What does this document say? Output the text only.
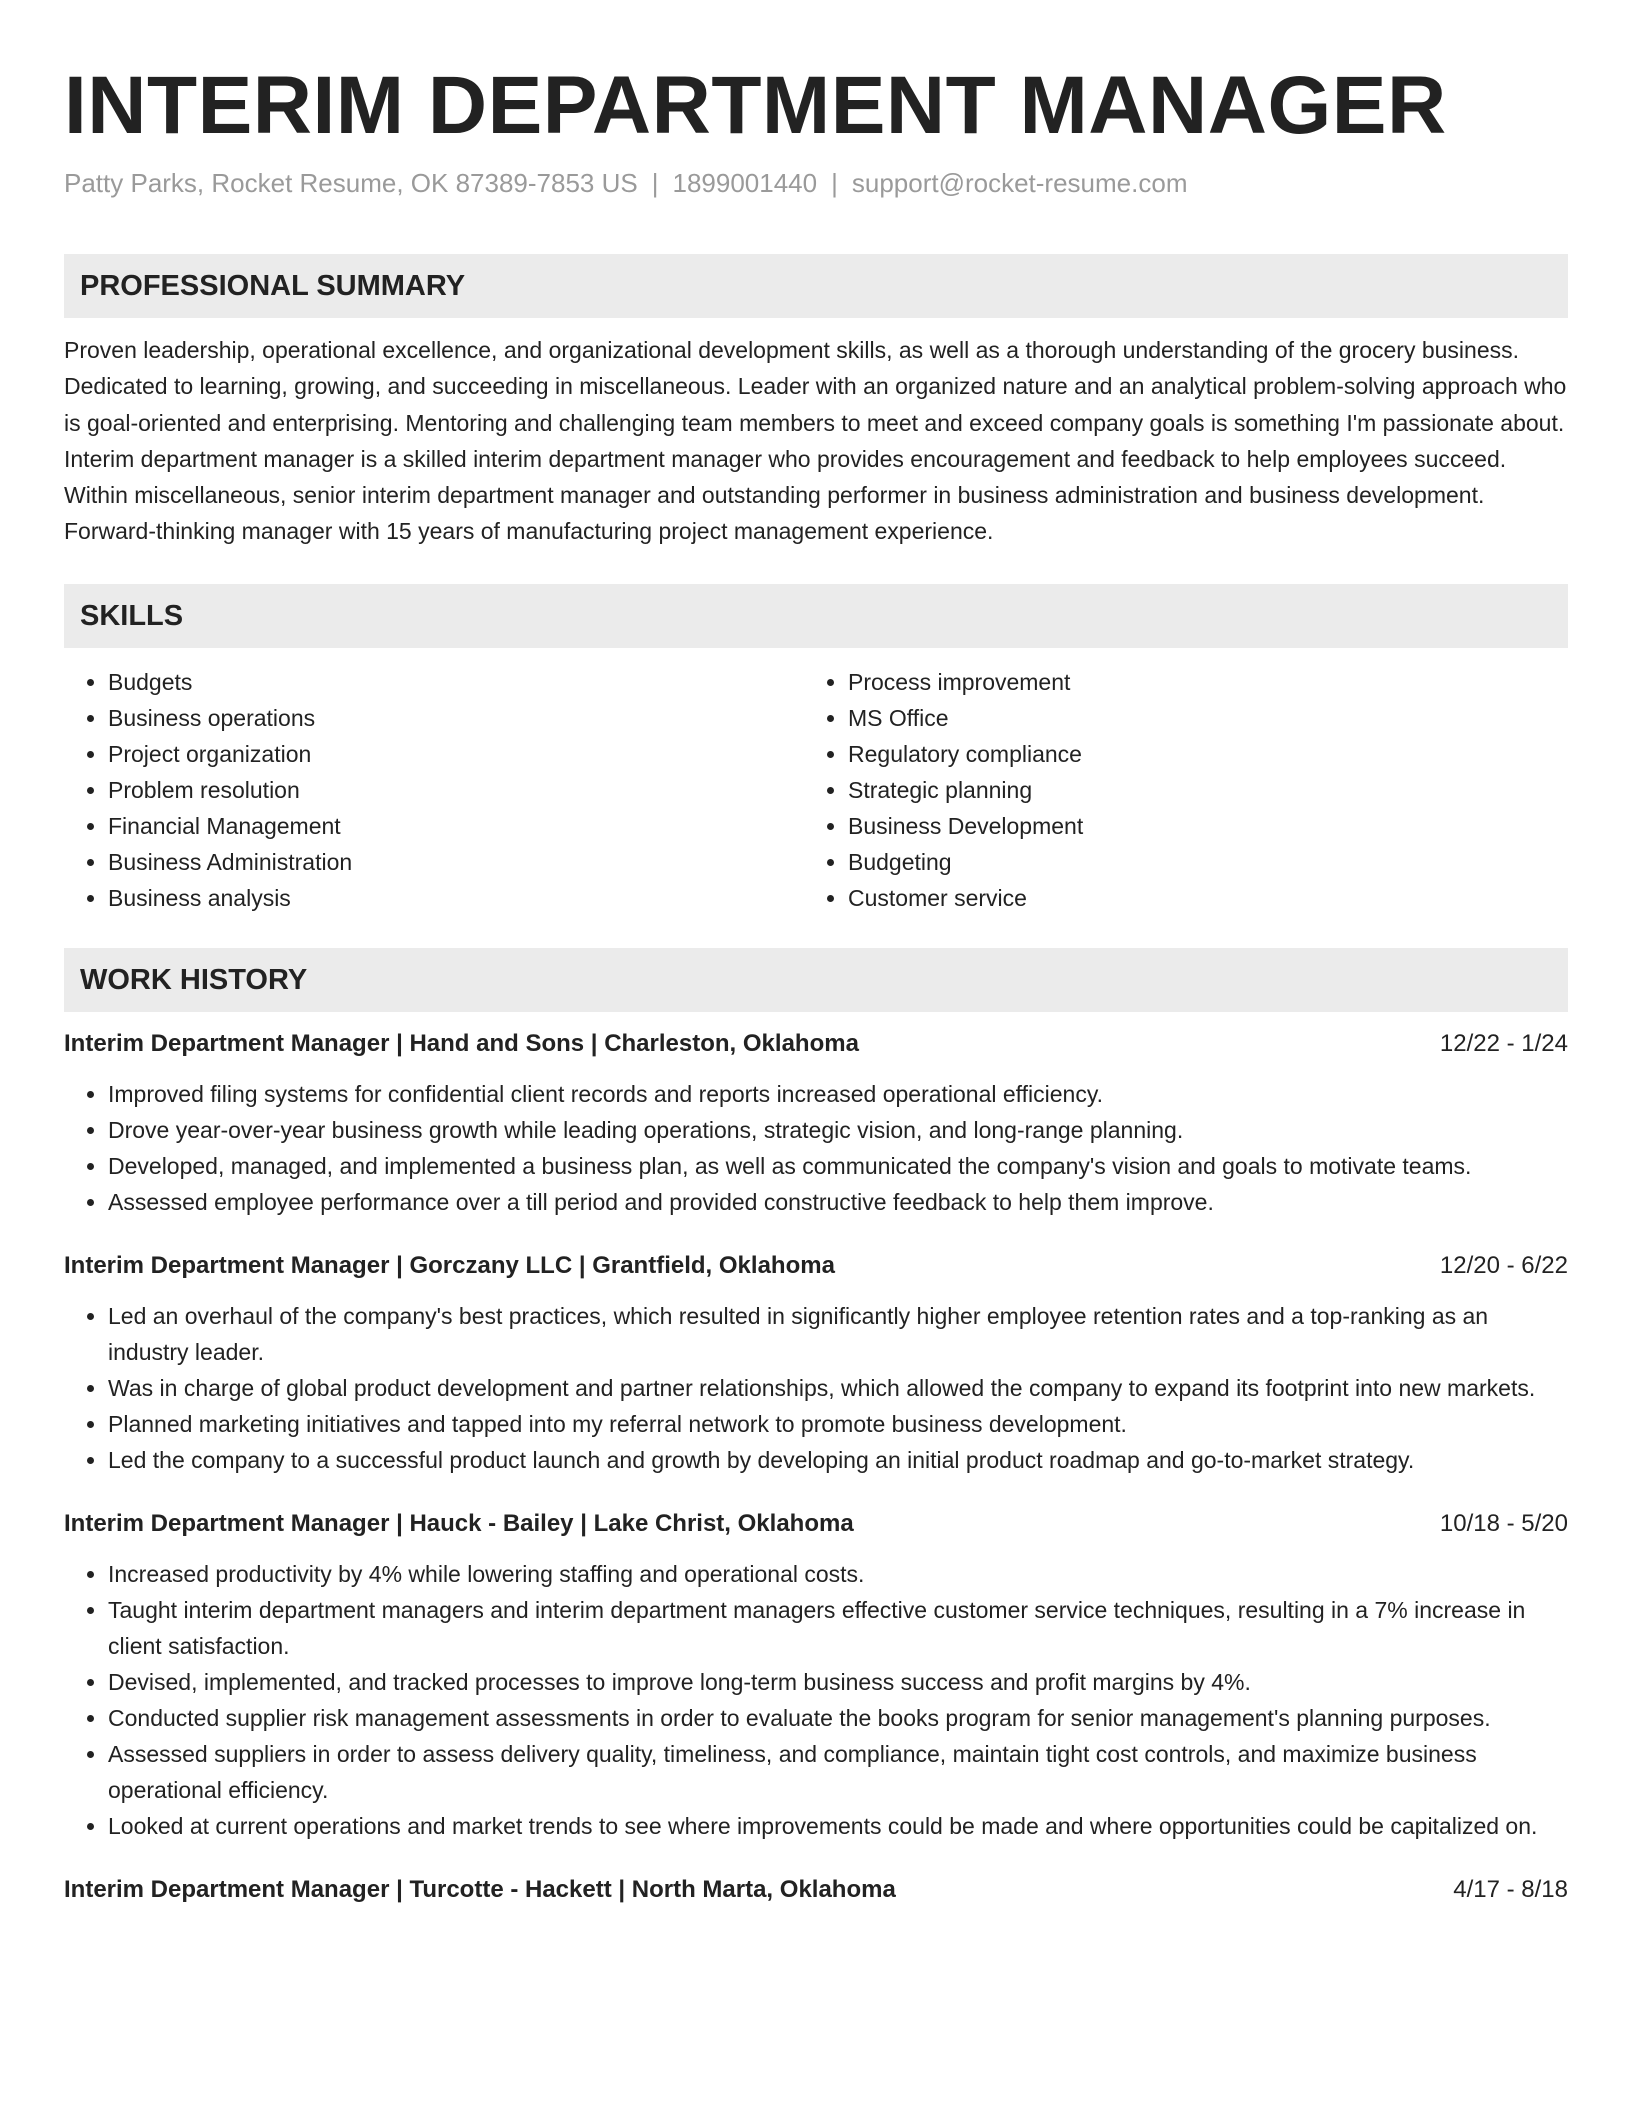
INTERIM DEPARTMENT MANAGER
Patty Parks, Rocket Resume, OK 87389-7853 US | 1899001440 | support@rocket-resume.com
PROFESSIONAL SUMMARY

Proven leadership, operational excellence, and organizational development skills, as well as a thorough understanding of the grocery business. Dedicated to learning, growing, and succeeding in miscellaneous. Leader with an organized nature and an analytical problem-solving approach who is goal-oriented and enterprising. Mentoring and challenging team members to meet and exceed company goals is something I'm passionate about. Interim department manager is a skilled interim department manager who provides encouragement and feedback to help employees succeed. Within miscellaneous, senior interim department manager and outstanding performer in business administration and business development. Forward-thinking manager with 15 years of manufacturing project management experience.

SKILLS
• Budgets
• Business operations
• Project organization
• Problem resolution
• Financial Management
• Business Administration
• Business analysis
• Process improvement
• MS Office
• Regulatory compliance
• Strategic planning
• Business Development
• Budgeting
• Customer service
WORK HISTORY
Interim Department Manager | Hand and Sons | Charleston, Oklahoma	12/22 - 1/24
• Improved filing systems for confidential client records and reports increased operational efficiency.
• Drove year-over-year business growth while leading operations, strategic vision, and long-range planning.
• Developed, managed, and implemented a business plan, as well as communicated the company's vision and goals to motivate teams.
• Assessed employee performance over a till period and provided constructive feedback to help them improve.
Interim Department Manager | Gorczany LLC | Grantfield, Oklahoma	12/20 - 6/22
• Led an overhaul of the company's best practices, which resulted in significantly higher employee retention rates and a top-ranking as an industry leader.
• Was in charge of global product development and partner relationships, which allowed the company to expand its footprint into new markets.
• Planned marketing initiatives and tapped into my referral network to promote business development.
• Led the company to a successful product launch and growth by developing an initial product roadmap and go-to-market strategy.
Interim Department Manager | Hauck - Bailey | Lake Christ, Oklahoma	10/18 - 5/20
• Increased productivity by 4% while lowering staffing and operational costs.
• Taught interim department managers and interim department managers effective customer service techniques, resulting in a 7% increase in client satisfaction.
• Devised, implemented, and tracked processes to improve long-term business success and profit margins by 4%.
• Conducted supplier risk management assessments in order to evaluate the books program for senior management's planning purposes.
• Assessed suppliers in order to assess delivery quality, timeliness, and compliance, maintain tight cost controls, and maximize business operational efficiency.
• Looked at current operations and market trends to see where improvements could be made and where opportunities could be capitalized on.
Interim Department Manager | Turcotte - Hackett | North Marta, Oklahoma	4/17 - 8/18
